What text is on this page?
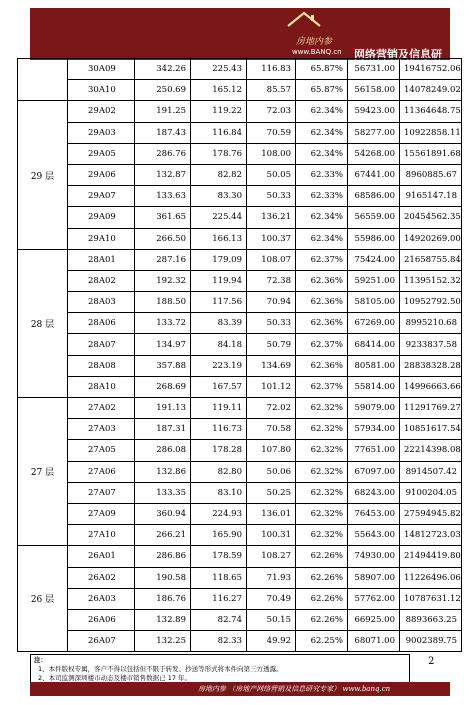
房地内参
www.BANQ.cn 网络营销及信息研
	30A09	342.26	225.43	116.83	65.87%	56731.00	19416752.06
	30A10	250.69	165.12	85.57	65.87%	56158.00	14078249.02
29 层	29A02	191.25	119.22	72.03	62.34%	59423.00	11364648.75
	29A03	187.43	116.84	70.59	62.34%	58277.00	10922858.11
	29A05	286.76	178.76	108.00	62.34%	54268.00	15561891.68
	29A06	132.87	82.82	50.05	62.33%	67441.00	8960885.67
	29A07	133.63	83.30	50.33	62.33%	68586.00	9165147.18
	29A09	361.65	225.44	136.21	62.34%	56559.00	20454562.35
	29A10	266.50	166.13	100.37	62.34%	55986.00	14920269.00
28 层	28A01	287.16	179.09	108.07	62.37%	75424.00	21658755.84
	28A02	192.32	119.94	72.38	62.36%	59251.00	11395152.32
	28A03	188.50	117.56	70.94	62.36%	58105.00	10952792.50
	28A06	133.72	83.39	50.33	62.36%	67269.00	8995210.68
	28A07	134.97	84.18	50.79	62.37%	68414.00	9233837.58
	28A08	357.88	223.19	134.69	62.36%	80581.00	28838328.28
	28A10	268.69	167.57	101.12	62.37%	55814.00	14996663.66
27 层	27A02	191.13	119.11	72.02	62.32%	59079.00	11291769.27
	27A03	187.31	116.73	70.58	62.32%	57934.00	10851617.54
	27A05	286.08	178.28	107.80	62.32%	77651.00	22214398.08
	27A06	132.86	82.80	50.06	62.32%	67097.00	8914507.42
	27A07	133.35	83.10	50.25	62.32%	68243.00	9100204.05
	27A09	360.94	224.93	136.01	62.32%	76453.00	27594945.82
	27A10	266.21	165.90	100.31	62.32%	55643.00	14812723.03
26 层	26A01	286.86	178.59	108.27	62.26%	74930.00	21494419.80
	26A02	190.58	118.65	71.93	62.26%	58907.00	11226496.06
	26A03	186.76	116.27	70.49	62.26%	57762.00	10787631.12
	26A06	132.89	82.74	50.15	62.26%	66925.00	8893663.25
	26A07	132.25	82.33	49.92	62.25%	68071.00	9002389.75
注：
1、本件版权专属，客户不得以包括但不限于转发、抄送等形式将本件向第三方透露。
2、本司监测深圳楼市动态及楼市销售数据已 17 年。
2
房地内参 （房地产网络营销及信息研究专家） www.banq.cn
